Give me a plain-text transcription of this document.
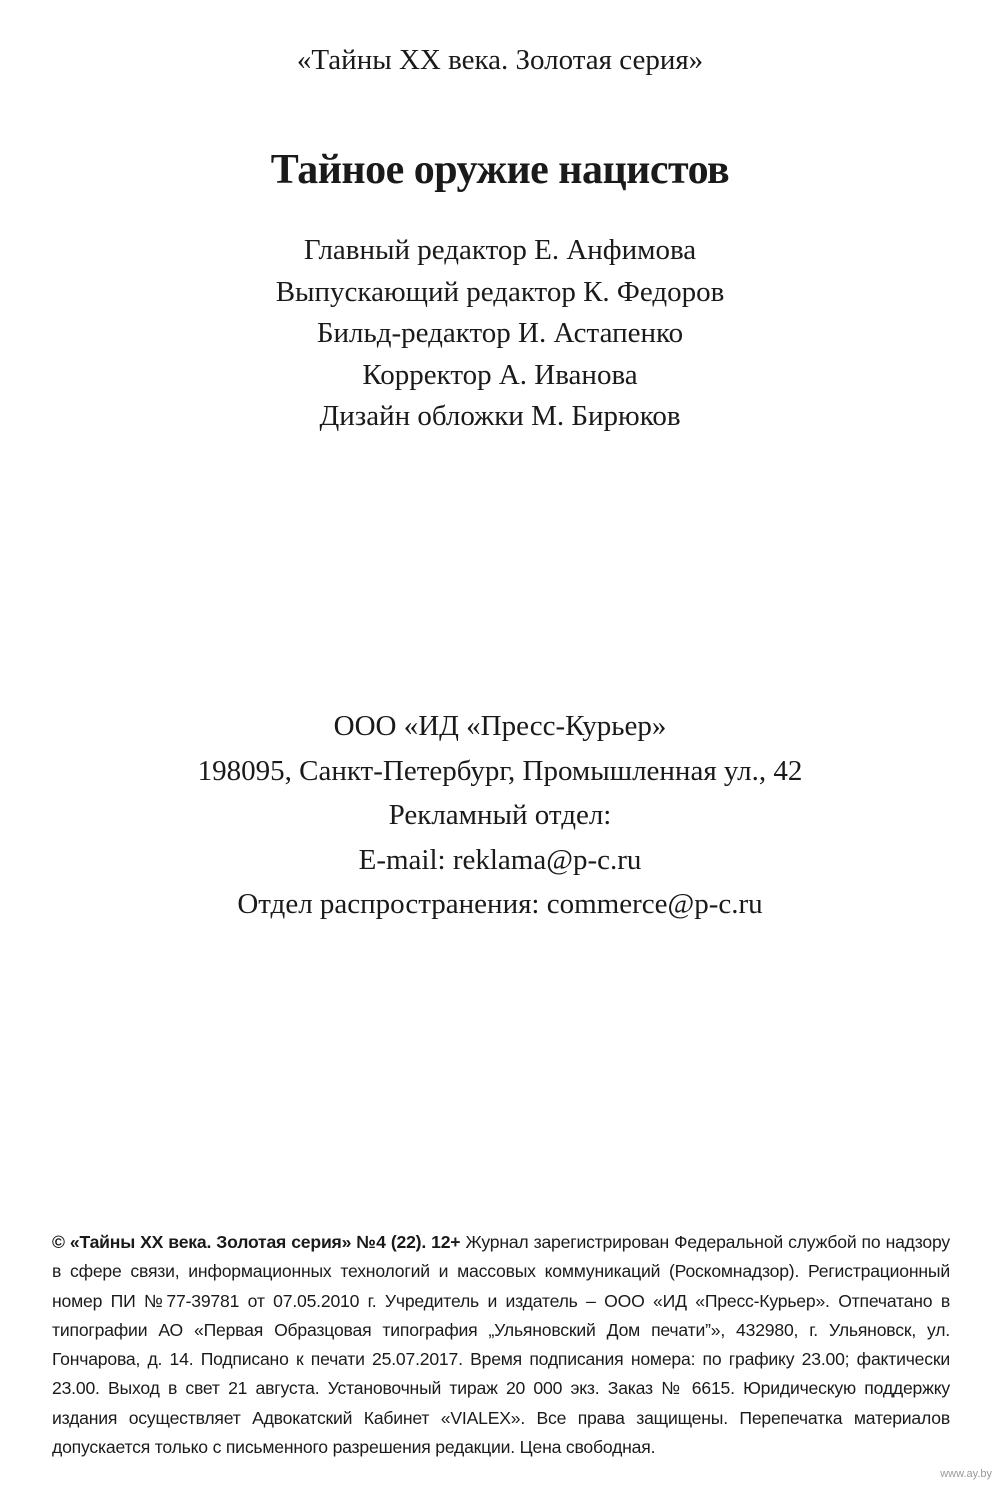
«Тайны XX века. Золотая серия»
Тайное оружие нацистов
Главный редактор Е. Анфимова
Выпускающий редактор К. Федоров
Бильд-редактор И. Астапенко
Корректор А. Иванова
Дизайн обложки М. Бирюков
ООО «ИД «Пресс-Курьер»
198095, Санкт-Петербург, Промышленная ул., 42
Рекламный отдел:
E-mail: reklama@p-c.ru
Отдел распространения: commerce@p-c.ru
© «Тайны XX века. Золотая серия» №4 (22). 12+ Журнал зарегистрирован Федеральной службой по надзору в сфере связи, информационных технологий и массовых коммуникаций (Роскомнадзор). Регистрационный номер ПИ №77-39781 от 07.05.2010 г. Учредитель и издатель – ООО «ИД «Пресс-Курьер». Отпечатано в типографии АО «Первая Образцовая типография „Ульяновский Дом печати”», 432980, г. Ульяновск, ул. Гончарова, д. 14. Подписано к печати 25.07.2017. Время подписания номера: по графику 23.00; фактически 23.00. Выход в свет 21 августа. Установочный тираж 20 000 экз. Заказ № 6615. Юридическую поддержку издания осуществляет Адвокатский Кабинет «VIALEX». Все права защищены. Перепечатка материалов допускается только с письменного разрешения редакции. Цена свободная.
www.ay.by
